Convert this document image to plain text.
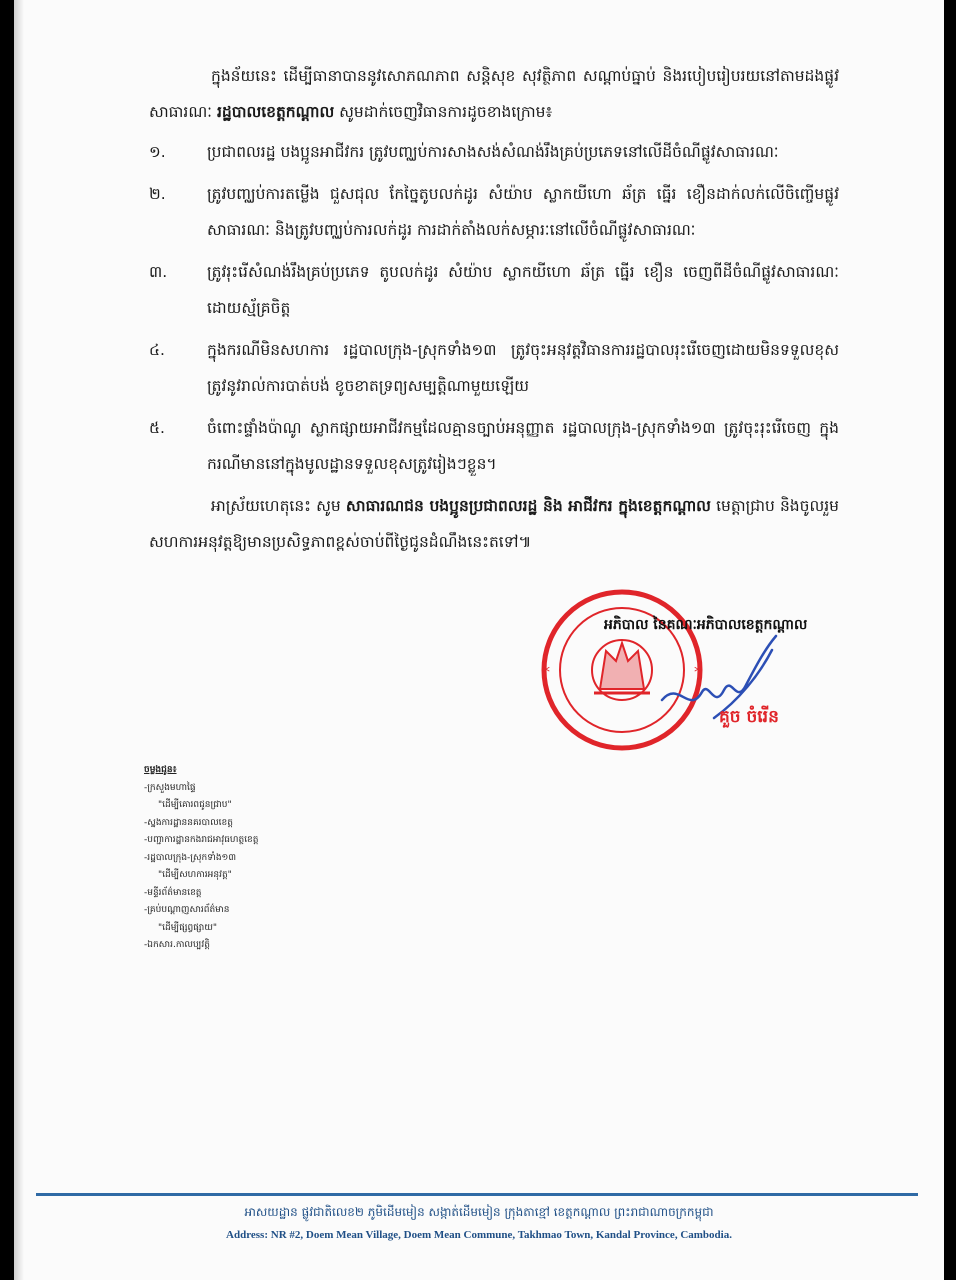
ក្នុងន័យនេះ ដើម្បីធានាបាននូវសោភណភាព សន្តិសុខ សុវត្ថិភាព សណ្តាប់ធ្នាប់ និងរបៀបរៀបរយនៅតាមដងផ្លូវសាធារណៈ រដ្ឋបាលខេត្តកណ្តាល សូមដាក់ចេញវិធានការដូចខាងក្រោម៖

១.	ប្រជាពលរដ្ឋ បងប្អូនអាជីវករ ត្រូវបញ្ឈប់ការសាងសង់សំណង់រឹងគ្រប់ប្រភេទនៅលើដីចំណីផ្លូវសាធារណៈ
២.	ត្រូវបញ្ឈប់ការតម្លើង ជួសជុល កែច្នៃតូបលក់ដូរ សំយ៉ាប ស្លាកយីហោ ឆ័ត្រ ធ្នើរ ខឿនដាក់លក់លើចិញ្ចើមផ្លូវសាធារណៈ និងត្រូវបញ្ឈប់ការលក់ដូរ ការដាក់តាំងលក់សម្ភារៈនៅលើចំណីផ្លូវសាធារណៈ
៣.	ត្រូវរុះរើសំណង់រឹងគ្រប់ប្រភេទ តូបលក់ដូរ សំយ៉ាប ស្លាកយីហោ ឆ័ត្រ ធ្នើរ ខឿន ចេញពីដីចំណីផ្លូវសាធារណៈ ដោយស្ម័គ្រចិត្ត
៤.	ក្នុងករណីមិនសហការ រដ្ឋបាលក្រុង-ស្រុកទាំង១៣ ត្រូវចុះអនុវត្តវិធានការរដ្ឋបាលរុះរើចេញដោយមិនទទួលខុសត្រូវនូវរាល់ការបាត់បង់ ខូចខាតទ្រព្យសម្បត្តិណាមួយឡើយ
៥.	ចំពោះផ្ទាំងប៉ាណូ ស្លាកផ្សាយអាជីវកម្មដែលគ្មានច្បាប់អនុញ្ញាត រដ្ឋបាលក្រុង-ស្រុកទាំង១៣ ត្រូវចុះរុះរើចេញ ក្នុងករណីមាននៅក្នុងមូលដ្ឋានទទួលខុសត្រូវរៀងៗខ្លួន។

អាស្រ័យហេតុនេះ សូម សាធារណជន បងប្អូនប្រជាពលរដ្ឋ និង អាជីវករ ក្នុងខេត្តកណ្តាល មេត្តាជ្រាប និងចូលរួមសហការអនុវត្តឱ្យមានប្រសិទ្ធភាពខ្ពស់ចាប់ពីថ្ងៃជូនដំណឹងនេះតទៅ៕

*	*
អភិបាល នៃគណៈអភិបាលខេត្តកណ្តាល
គួច ចំរើន
ចម្លងជូន៖
-ក្រសួងមហាផ្ទៃ
"ដើម្បីគោរពជូនជ្រាប"
-ស្នងការដ្ឋាននគរបាលខេត្ត
-បញ្ជាការដ្ឋានកងរាជអាវុធហត្ថខេត្ត
-រដ្ឋបាលក្រុង-ស្រុកទាំង១៣
"ដើម្បីសហការអនុវត្ត"
-មន្ទីរព័ត៌មានខេត្ត
-គ្រប់បណ្តាញសារព័ត៌មាន
"ដើម្បីផ្សព្វផ្សាយ"
-ឯកសារ.កាលប្បវត្តិ
អាសយដ្ឋាន ផ្លូវជាតិលេខ២ ភូមិដើមមៀន សង្កាត់ដើមមៀន ក្រុងតាខ្មៅ ខេត្តកណ្តាល ព្រះរាជាណាចក្រកម្ពុជា
Address: NR #2, Doem Mean Village, Doem Mean Commune, Takhmao Town, Kandal Province, Cambodia.
